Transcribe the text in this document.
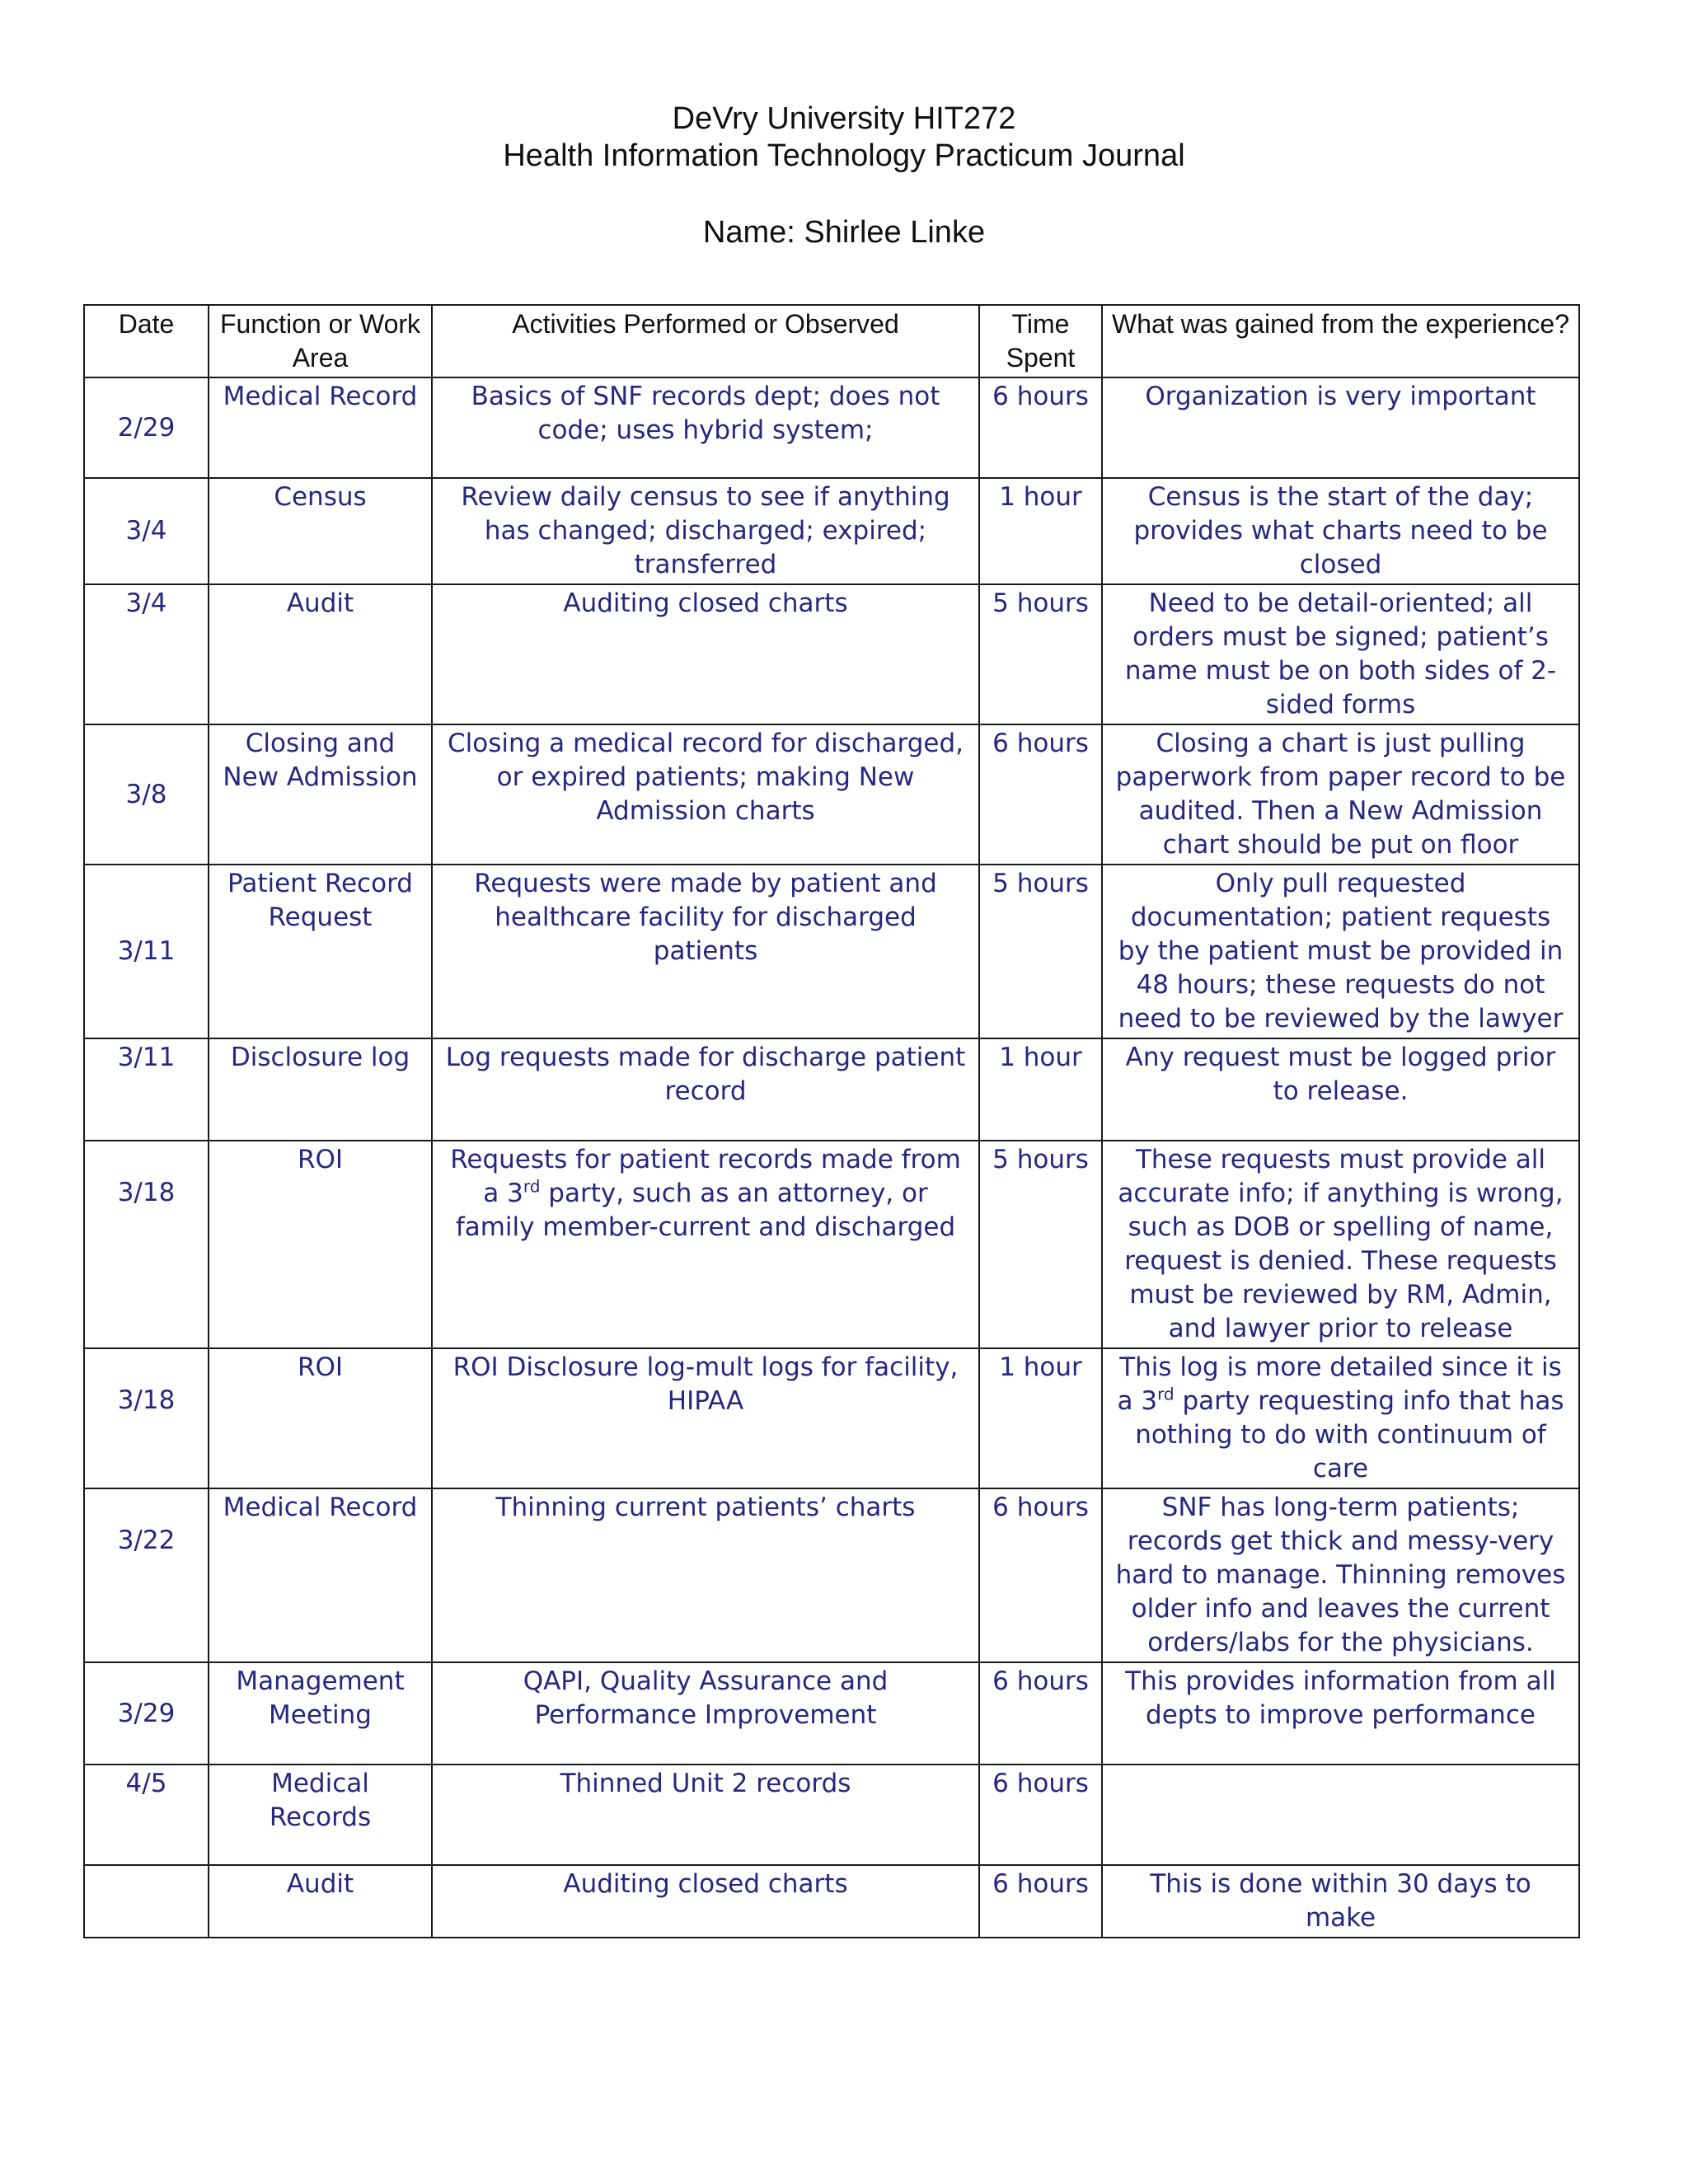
DeVry University HIT272
Health Information Technology Practicum Journal
Name: Shirlee Linke
Date	Function or Work Area	Activities Performed or Observed	Time Spent	What was gained from the experience?
2/29	Medical Record	Basics of SNF records dept; does not code; uses hybrid system;	6 hours	Organization is very important
3/4	Census	Review daily census to see if anything has changed; discharged; expired; transferred	1 hour	Census is the start of the day; provides what charts need to be closed
3/4	Audit	Auditing closed charts	5 hours	Need to be detail-oriented; all orders must be signed; patient’s name must be on both sides of 2-sided forms
3/8	Closing and New Admission	Closing a medical record for discharged, or expired patients; making New Admission charts	6 hours	Closing a chart is just pulling paperwork from paper record to be audited. Then a New Admission chart should be put on floor
3/11	Patient Record Request	Requests were made by patient and healthcare facility for discharged patients	5 hours	Only pull requested documentation; patient requests by the patient must be provided in 48 hours; these requests do not need to be reviewed by the lawyer
3/11	Disclosure log	Log requests made for discharge patient record	1 hour	Any request must be logged prior to release.
3/18	ROI	Requests for patient records made from a 3rd party, such as an attorney, or family member-current and discharged	5 hours	These requests must provide all accurate info; if anything is wrong, such as DOB or spelling of name, request is denied. These requests must be reviewed by RM, Admin, and lawyer prior to release
3/18	ROI	ROI Disclosure log-mult logs for facility, HIPAA	1 hour	This log is more detailed since it is a 3rd party requesting info that has nothing to do with continuum of care
3/22	Medical Record	Thinning current patients’ charts	6 hours	SNF has long-term patients; records get thick and messy-very hard to manage. Thinning removes older info and leaves the current orders/labs for the physicians.
3/29	Management Meeting	QAPI, Quality Assurance and Performance Improvement	6 hours	This provides information from all depts to improve performance
4/5	Medical Records	Thinned Unit 2 records	6 hours	
	Audit	Auditing closed charts	6 hours	This is done within 30 days to make
